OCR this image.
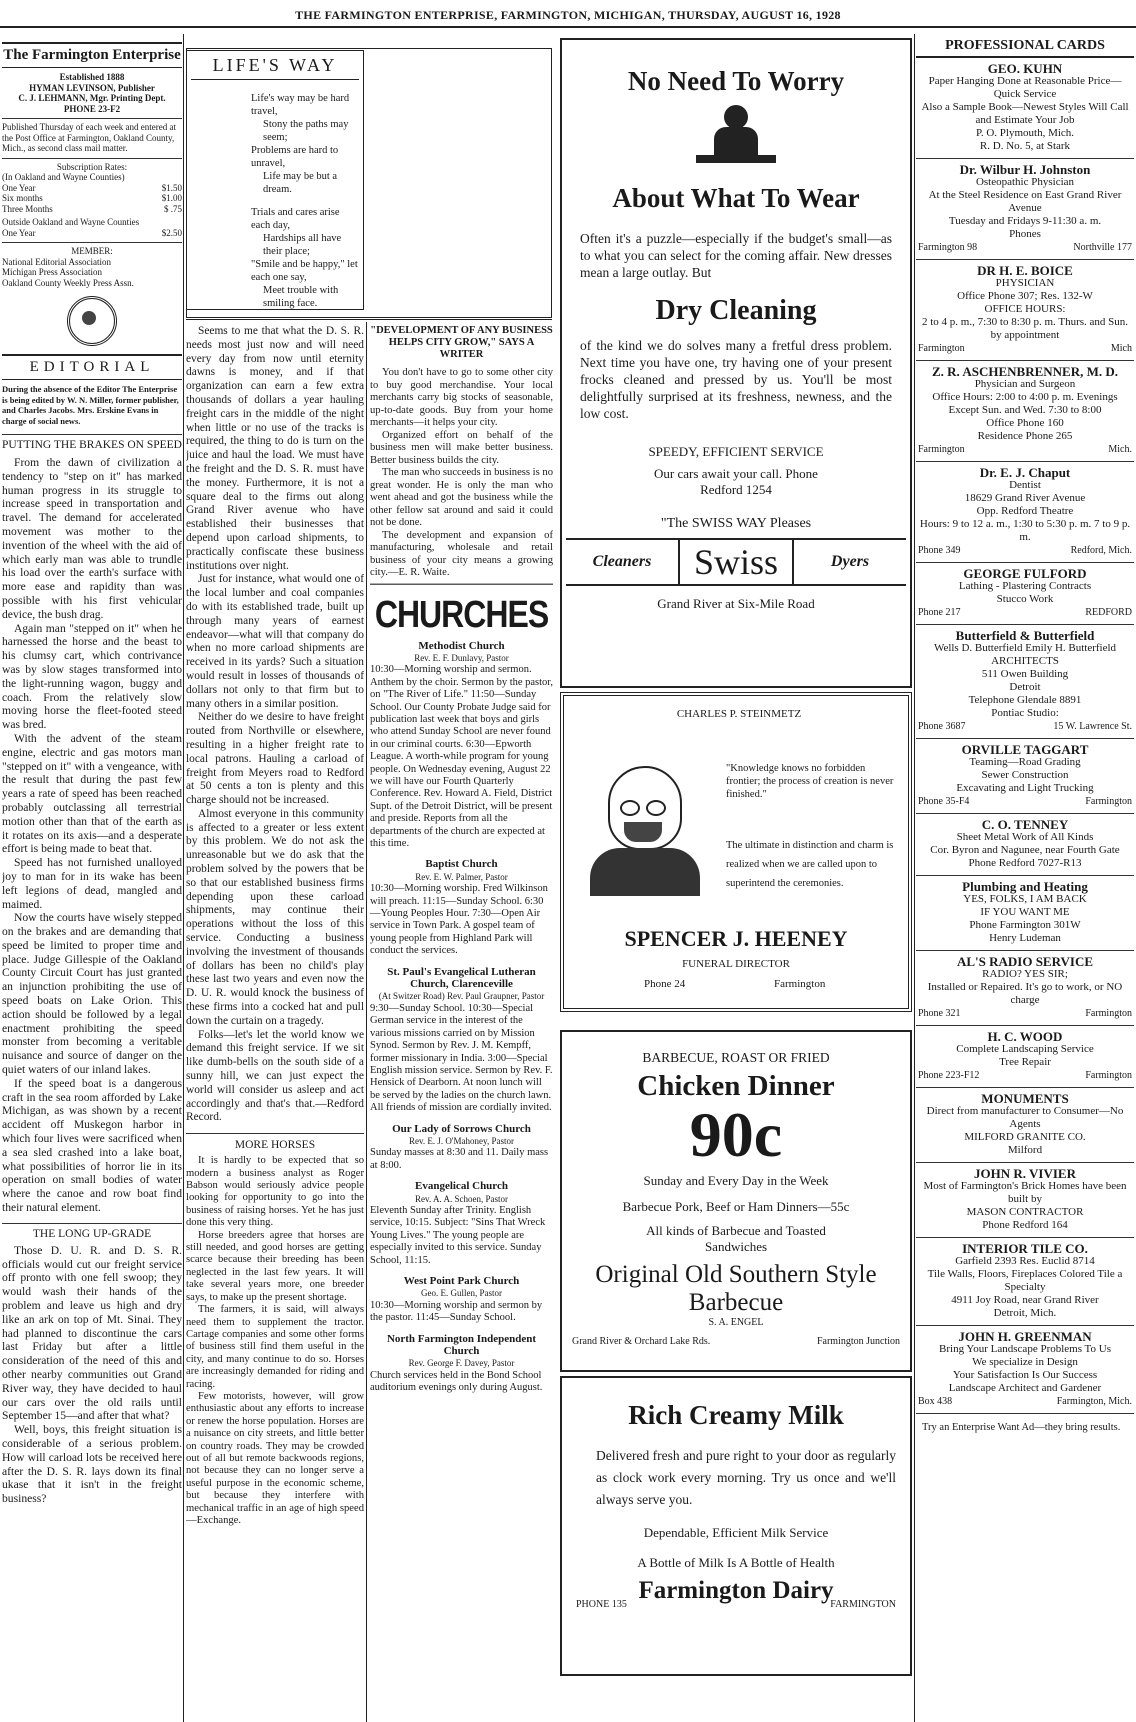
THE FARMINGTON ENTERPRISE, FARMINGTON, MICHIGAN, THURSDAY, AUGUST 16, 1928
The Farmington Enterprise
Established 1888
HYMAN LEVINSON, Publisher
C. J. LEHMANN, Mgr. Printing Dept.
PHONE 23-F2
Published Thursday of each week and entered at the Post Office at Farmington, Oakland County, Mich., as second class mail matter.
Subscription Rates:
(In Oakland and Wayne Counties)
One Year	$1.50
Six months	$1.00
Three Months	$ .75
Outside Oakland and Wayne Counties
One Year	$2.50
MEMBER:
National Editorial Association
Michigan Press Association
Oakland County Weekly Press Assn.
EDITORIAL
During the absence of the Editor The Enterprise is being edited by W. N. Miller, former publisher, and Charles Jacobs. Mrs. Erskine Evans in charge of social news.
PUTTING THE BRAKES ON SPEED

From the dawn of civilization a tendency to "step on it" has marked human progress in its struggle to increase speed in transportation and travel. The demand for accelerated movement was mother to the invention of the wheel with the aid of which early man was able to trundle his load over the earth's surface with more ease and rapidity than was possible with his first vehicular device, the bush drag.

Again man "stepped on it" when he harnessed the horse and the beast to his clumsy cart, which contrivance was by slow stages transformed into the light-running wagon, buggy and coach. From the relatively slow moving horse the fleet-footed steed was bred.

With the advent of the steam engine, electric and gas motors man "stepped on it" with a vengeance, with the result that during the past few years a rate of speed has been reached probably outclassing all terrestrial motion other than that of the earth as it rotates on its axis—and a desperate effort is being made to beat that.

Speed has not furnished unalloyed joy to man for in its wake has been left legions of dead, mangled and maimed.

Now the courts have wisely stepped on the brakes and are demanding that speed be limited to proper time and place. Judge Gillespie of the Oakland County Circuit Court has just granted an injunction prohibiting the use of speed boats on Lake Orion. This action should be followed by a legal enactment prohibiting the speed monster from becoming a veritable nuisance and source of danger on the quiet waters of our inland lakes.

If the speed boat is a dangerous craft in the sea room afforded by Lake Michigan, as was shown by a recent accident off Muskegon harbor in which four lives were sacrificed when a sea sled crashed into a lake boat, what possibilities of horror lie in its operation on small bodies of water where the canoe and row boat find their natural element.

THE LONG UP-GRADE

Those D. U. R. and D. S. R. officials would cut our freight service off pronto with one fell swoop; they would wash their hands of the problem and leave us high and dry like an ark on top of Mt. Sinai. They had planned to discontinue the cars last Friday but after a little consideration of the need of this and other nearby communities out Grand River way, they have decided to haul our cars over the old rails until September 15—and after that what?

Well, boys, this freight situation is considerable of a serious problem. How will carload lots be received here after the D. S. R. lays down its final ukase that it isn't in the freight business?

LIFE'S WAY
Life's way may be hard travel,
Stony the paths may seem;
Problems are hard to unravel,
Life may be but a dream.
Trials and cares arise each day,
Hardships all have their place;
"Smile and be happy," let each one say,
Meet trouble with smiling face.

Seems to me that what the D. S. R. needs most just now and will need every day from now until eternity dawns is money, and if that organization can earn a few extra thousands of dollars a year hauling freight cars in the middle of the night when little or no use of the tracks is required, the thing to do is turn on the juice and haul the load. We must have the freight and the D. S. R. must have the money. Furthermore, it is not a square deal to the firms out along Grand River avenue who have established their businesses that depend upon carload shipments, to practically confiscate these business institutions over night.

Just for instance, what would one of the local lumber and coal companies do with its established trade, built up through many years of earnest endeavor—what will that company do when no more carload shipments are received in its yards? Such a situation would result in losses of thousands of dollars not only to that firm but to many others in a similar position.

Neither do we desire to have freight routed from Northville or elsewhere, resulting in a higher freight rate to local patrons. Hauling a carload of freight from Meyers road to Redford at 50 cents a ton is plenty and this charge should not be increased.

Almost everyone in this community is affected to a greater or less extent by this problem. We do not ask the unreasonable but we do ask that the problem solved by the powers that be so that our established business firms depending upon these carload shipments, may continue their operations without the loss of this service. Conducting a business involving the investment of thousands of dollars has been no child's play these last two years and even now the D. U. R. would knock the business of these firms into a cocked hat and pull down the curtain on a tragedy.

Folks—let's let the world know we demand this freight service. If we sit like dumb-bells on the south side of a sunny hill, we can just expect the world will consider us asleep and act accordingly and that's that.—Redford Record.

MORE HORSES

It is hardly to be expected that so modern a business analyst as Roger Babson would seriously advice people looking for opportunity to go into the business of raising horses. Yet he has just done this very thing.

Horse breeders agree that horses are still needed, and good horses are getting scarce because their breeding has been neglected in the last few years. It will take several years more, one breeder says, to make up the present shortage.

The farmers, it is said, will always need them to supplement the tractor. Cartage companies and some other forms of business still find them useful in the city, and many continue to do so. Horses are increasingly demanded for riding and racing.

Few motorists, however, will grow enthusiastic about any efforts to increase or renew the horse population. Horses are a nuisance on city streets, and little better on country roads. They may be crowded out of all but remote backwoods regions, not because they can no longer serve a useful purpose in the economic scheme, but because they interfere with mechanical traffic in an age of high speed—Exchange.

"DEVELOPMENT OF ANY BUSINESS HELPS CITY GROW," SAYS A WRITER

You don't have to go to some other city to buy good merchandise. Your local merchants carry big stocks of seasonable, up-to-date goods. Buy from your home merchants—it helps your city.

Organized effort on behalf of the business men will make better business. Better business builds the city.

The man who succeeds in business is no great wonder. He is only the man who went ahead and got the business while the other fellow sat around and said it could not be done.

The development and expansion of manufacturing, wholesale and retail business of your city means a growing city.—E. R. Waite.

CHURCHES
Methodist Church
Rev. E. F. Dunlavy, Pastor
10:30—Morning worship and sermon. Anthem by the choir. Sermon by the pastor, on "The River of Life." 11:50—Sunday School. Our County Probate Judge said for publication last week that boys and girls who attend Sunday School are never found in our criminal courts. 6:30—Epworth League. A worth-while program for young people. On Wednesday evening, August 22 we will have our Fourth Quarterly Conference. Rev. Howard A. Field, District Supt. of the Detroit District, will be present and preside. Reports from all the departments of the church are expected at this time.
Baptist Church
Rev. E. W. Palmer, Pastor
10:30—Morning worship. Fred Wilkinson will preach. 11:15—Sunday School. 6:30—Young Peoples Hour. 7:30—Open Air service in Town Park. A gospel team of young people from Highland Park will conduct the services.
St. Paul's Evangelical Lutheran Church, Clarenceville
(At Switzer Road) Rev. Paul Graupner, Pastor
9:30—Sunday School. 10:30—Special German service in the interest of the various missions carried on by Mission Synod. Sermon by Rev. J. M. Kempff, former missionary in India. 3:00—Special English mission service. Sermon by Rev. F. Hensick of Dearborn. At noon lunch will be served by the ladies on the church lawn. All friends of mission are cordially invited.
Our Lady of Sorrows Church
Rev. E. J. O'Mahoney, Pastor
Sunday masses at 8:30 and 11. Daily mass at 8:00.
Evangelical Church
Rev. A. A. Schoen, Pastor
Eleventh Sunday after Trinity. English service, 10:15. Subject: "Sins That Wreck Young Lives." The young people are especially invited to this service. Sunday School, 11:15.
West Point Park Church
Geo. E. Gullen, Pastor
10:30—Morning worship and sermon by the pastor. 11:45—Sunday School.
North Farmington Independent Church
Rev. George F. Davey, Pastor
Church services held in the Bond School auditorium evenings only during August.
No Need To Worry
About What To Wear
Often it's a puzzle—especially if the budget's small—as to what you can select for the coming affair. New dresses mean a large outlay. But
Dry Cleaning
of the kind we do solves many a fretful dress problem. Next time you have one, try having one of your present frocks cleaned and pressed by us. You'll be most delightfully surprised at its freshness, newness, and the low cost.
SPEEDY, EFFICIENT SERVICE
Our cars await your call. Phone Redford 1254
"The SWISS WAY Pleases
Cleaners	Swiss	Dyers
Grand River at Six-Mile Road
CHARLES P. STEINMETZ
"Knowledge knows no forbidden frontier; the process of creation is never finished."
The ultimate in distinction and charm is realized when we are called upon to superintend the ceremonies.
SPENCER J. HEENEY
FUNERAL DIRECTOR
Phone 24	Farmington
BARBECUE, ROAST OR FRIED
Chicken Dinner
90c
Sunday and Every Day in the Week
Barbecue Pork, Beef or Ham Dinners—55c
All kinds of Barbecue and Toasted Sandwiches
Original Old Southern Style
Barbecue
S. A. ENGEL
Grand River & Orchard Lake Rds.	Farmington Junction
Rich Creamy Milk
Delivered fresh and pure right to your door as regularly as clock work every morning. Try us once and we'll always serve you.
Dependable, Efficient Milk Service
A Bottle of Milk Is A Bottle of Health
Farmington Dairy
PHONE 135	FARMINGTON
PROFESSIONAL CARDS
GEO. KUHN
Paper Hanging Done at Reasonable Price— Quick Service
Also a Sample Book—Newest Styles Will Call and Estimate Your Job
P. O. Plymouth, Mich.
R. D. No. 5, at Stark
Dr. Wilbur H. Johnston
Osteopathic Physician
At the Steel Residence on East Grand River Avenue
Tuesday and Fridays 9-11:30 a. m.
Phones
Farmington 98	Northville 177
DR H. E. BOICE
PHYSICIAN
Office Phone 307; Res. 132-W
OFFICE HOURS:
2 to 4 p. m., 7:30 to 8:30 p. m. Thurs. and Sun. by appointment
Farmington	Mich
Z. R. ASCHENBRENNER, M. D.
Physician and Surgeon
Office Hours: 2:00 to 4:00 p. m. Evenings Except Sun. and Wed. 7:30 to 8:00
Office Phone 160
Residence Phone 265
Farmington	Mich.
Dr. E. J. Chaput
Dentist
18629 Grand River Avenue
Opp. Redford Theatre
Hours: 9 to 12 a. m., 1:30 to 5:30 p. m. 7 to 9 p. m.
Phone 349	Redford, Mich.
GEORGE FULFORD
Lathing - Plastering Contracts
Stucco Work
Phone 217	REDFORD
Butterfield & Butterfield
Wells D. Butterfield Emily H. Butterfield
ARCHITECTS
511 Owen Building
Detroit
Telephone Glendale 8891
Pontiac Studio:
Phone 3687	15 W. Lawrence St.
ORVILLE TAGGART
Teaming—Road Grading
Sewer Construction
Excavating and Light Trucking
Phone 35-F4	Farmington
C. O. TENNEY
Sheet Metal Work of All Kinds
Cor. Byron and Nagunee, near Fourth Gate
Phone Redford 7027-R13
Plumbing and Heating
YES, FOLKS, I AM BACK
IF YOU WANT ME
Phone Farmington 301W
Henry Ludeman
AL'S RADIO SERVICE
RADIO? YES SIR;
Installed or Repaired. It's go to work, or NO charge
Phone 321	Farmington
H. C. WOOD
Complete Landscaping Service
Tree Repair
Phone 223-F12	Farmington
MONUMENTS
Direct from manufacturer to Consumer—No Agents
MILFORD GRANITE CO.
Milford
JOHN R. VIVIER
Most of Farmington's Brick Homes have been built by
MASON CONTRACTOR
Phone Redford 164
INTERIOR TILE CO.
Garfield 2393 Res. Euclid 8714
Tile Walls, Floors, Fireplaces Colored Tile a Specialty
4911 Joy Road, near Grand River
Detroit, Mich.
JOHN H. GREENMAN
Bring Your Landscape Problems To Us
We specialize in Design
Your Satisfaction Is Our Success
Landscape Architect and Gardener
Box 438	Farmington, Mich.
Try an Enterprise Want Ad—they bring results.
